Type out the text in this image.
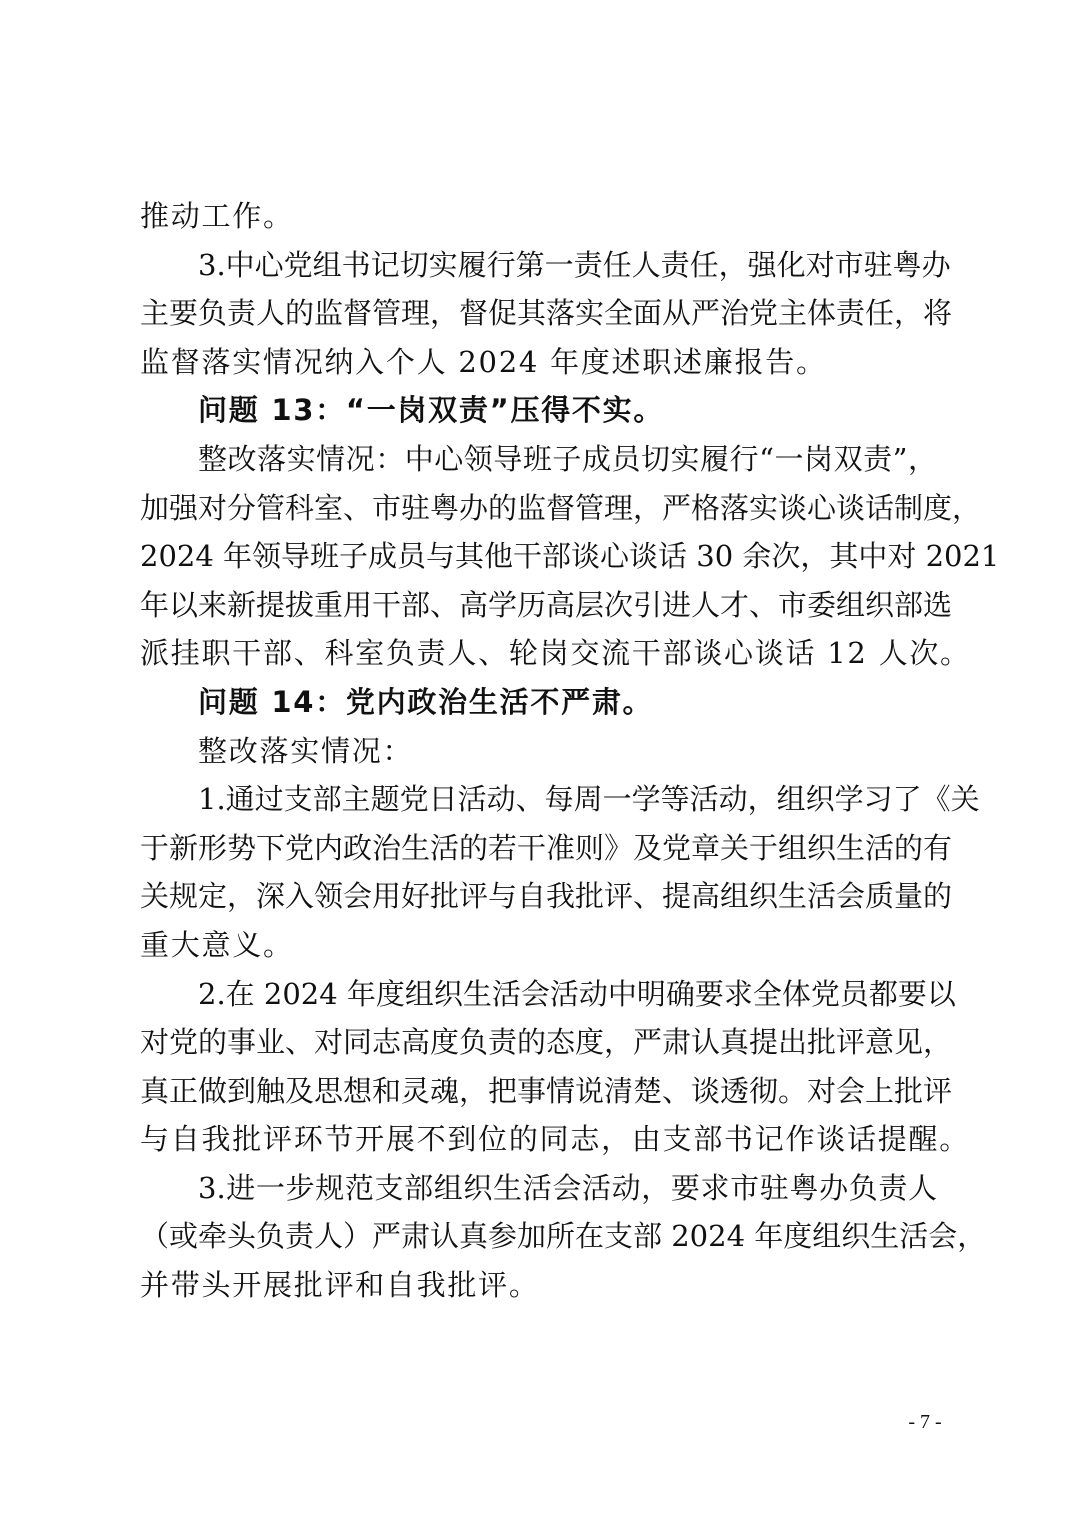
推动工作。
3.中心党组书记切实履行第一责任人责任，强化对市驻粤办
主要负责人的监督管理，督促其落实全面从严治党主体责任，将
监督落实情况纳入个人 2024 年度述职述廉报告。
问题 13：“一岗双责”压得不实。
整改落实情况：中心领导班子成员切实履行“一岗双责”，
加强对分管科室、市驻粤办的监督管理，严格落实谈心谈话制度，
2024 年领导班子成员与其他干部谈心谈话 30 余次，其中对 2021
年以来新提拔重用干部、高学历高层次引进人才、市委组织部选
派挂职干部、科室负责人、轮岗交流干部谈心谈话 12 人次。
问题 14：党内政治生活不严肃。
整改落实情况：
1.通过支部主题党日活动、每周一学等活动，组织学习了《关
于新形势下党内政治生活的若干准则》及党章关于组织生活的有
关规定，深入领会用好批评与自我批评、提高组织生活会质量的
重大意义。
2.在 2024 年度组织生活会活动中明确要求全体党员都要以
对党的事业、对同志高度负责的态度，严肃认真提出批评意见，
真正做到触及思想和灵魂，把事情说清楚、谈透彻。对会上批评
与自我批评环节开展不到位的同志，由支部书记作谈话提醒。
3.进一步规范支部组织生活会活动，要求市驻粤办负责人
（或牵头负责人）严肃认真参加所在支部 2024 年度组织生活会，
并带头开展批评和自我批评。
- 7 -
